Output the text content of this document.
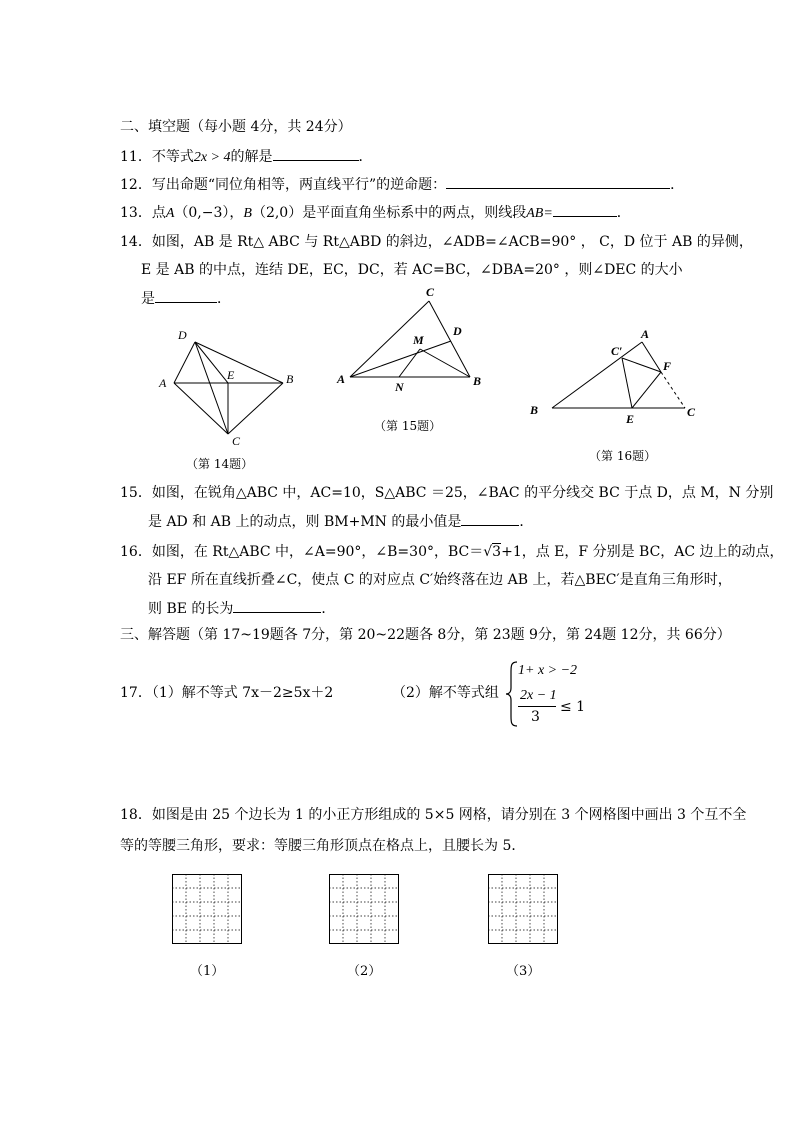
二、填空题（每小题 4分，共 24分）
11．不等式2x > 4的解是	．
12．写出命题“同位角相等，两直线平行”的逆命题：	．
13．点A（0,−3），B（2,0）是平面直角坐标系中的两点，则线段AB=	．
14．如图，AB 是 Rt△ ABC 与 Rt△ABD 的斜边，∠ADB=∠ACB=90° ， C，D 位于 AB 的异侧，
E 是 AB 的中点，连结 DE，EC，DC，若 AC=BC，∠DBA=20° ，则∠DEC 的大小
是	．
D
A
E	B
C
（第 14题）
C
D
M
A
N	B
（第 15题）
A
C′
F
B
E	C
（第 16题）
15．如图，在锐角△ABC 中，AC=10，S△ABC ＝25，∠BAC 的平分线交 BC 于点 D，点 M，N 分别
是 AD 和 AB 上的动点，则 BM+MN 的最小值是	．
16．如图，在 Rt△ABC 中，∠A=90°，∠B=30°，BC＝√3+1，点 E，F 分别是 BC，AC 边上的动点，
沿 EF 所在直线折叠∠C，使点 C 的对应点 C′始终落在边 AB 上，若△BEC′是直角三角形时，
则 BE 的长为	．
三、解答题（第 17~19题各 7分，第 20~22题各 8分，第 23题 9分，第 24题 12分，共 66分）
17．（1）解不等式 7x－2≥5x＋2	（2）解不等式组
1+ x > −2
2x − 1
3
≤ 1
18．如图是由 25 个边长为 1 的小正方形组成的 5×5 网格，请分别在 3 个网格图中画出 3 个互不全
等的等腰三角形，要求：等腰三角形顶点在格点上，且腰长为 5．
（1）	（2）	（3）
